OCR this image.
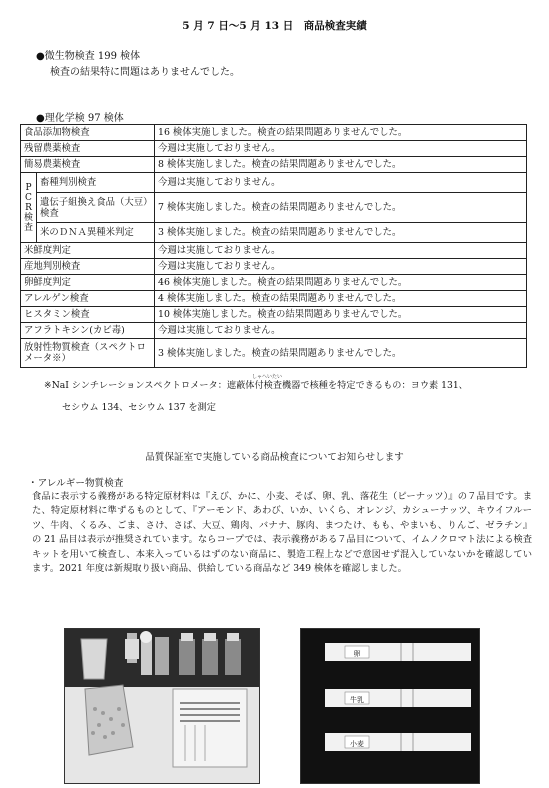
5 月 7 日～5 月 13 日　商品検査実績
●微生物検査 199 検体
検査の結果特に問題はありませんでした。
●理化学検 97 検体
食品添加物検査		16 検体実施しました。検査の結果問題ありませんでした。
残留農薬検査		今週は実施しておりません。
簡易農薬検査		8 検体実施しました。検査の結果問題ありませんでした。

P
C
R
検
査	畜種判別検査	今週は実施しておりません。
	遺伝子組換え食品（大豆）検査	7 検体実施しました。検査の結果問題ありませんでした。
	米のＤＮＡ異種米判定	3 検体実施しました。検査の結果問題ありませんでした。
米鮮度判定		今週は実施しておりません。
産地判別検査		今週は実施しておりません。
卵鮮度判定		46 検体実施しました。検査の結果問題ありませんでした。
アレルゲン検査		4 検体実施しました。検査の結果問題ありませんでした。
ヒスタミン検査		10 検体実施しました。検査の結果問題ありませんでした。
アフラトキシン(カビ毒)		今週は実施しておりません。
放射性物質検査（スペクトロメータ※）		3 検体実施しました。検査の結果問題ありませんでした。
しゃへいたい
※NaI シンチレーションスペクトロメータ：遮蔽体付検査機器で核種を特定できるもの：ヨウ素 131、
セシウム 134、セシウム 137 を測定
品質保証室で実施している商品検査についてお知らせします
・アレルギー物質検査
食品に表示する義務がある特定原材料は『えび、かに、小麦、そば、卵、乳、落花生（ピーナッツ）』の７品目です。また、特定原材料に準ずるものとして、『アーモンド、あわび、いか、いくら、オレンジ、カシューナッツ、キウイフルーツ、牛肉、くるみ、ごま、さけ、さば、大豆、鶏肉、バナナ、豚肉、まつたけ、もも、やまいも、りんご、ゼラチン』の 21 品目は表示が推奨されています。ならコープでは、表示義務がある７品目について、イムノクロマト法による検査キットを用いて検査し、本来入っているはずのない商品に、製造工程上などで意図せず混入していないかを確認しています。2021 年度は新規取り扱い商品、供給している商品など 349 検体を確認しました。
卵
牛乳
小麦
